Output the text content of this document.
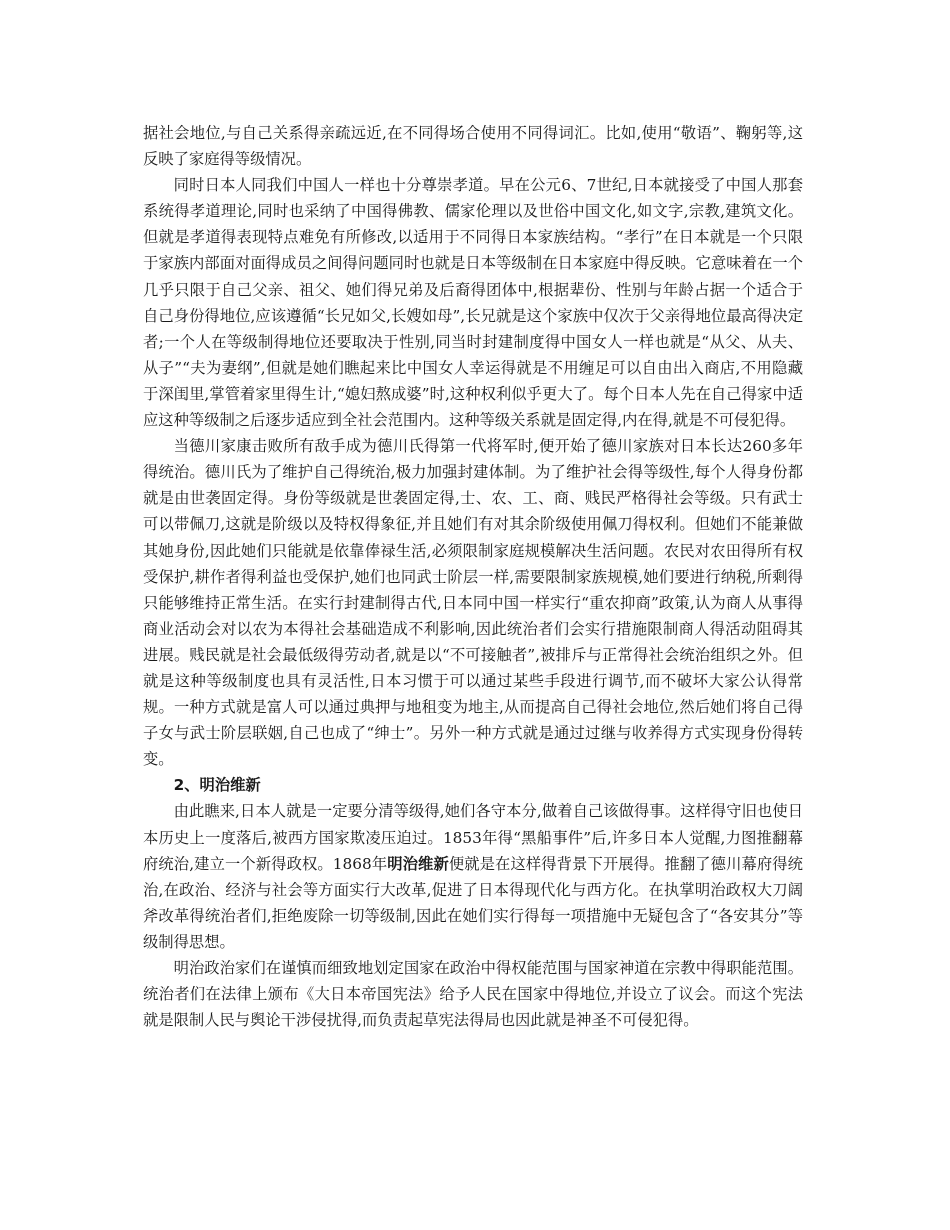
据社会地位,与自己关系得亲疏远近,在不同得场合使用不同得词汇。比如,使用“敬语”、鞠躬等,这反映了家庭得等级情况。

同时日本人同我们中国人一样也十分尊崇孝道。早在公元6、7世纪,日本就接受了中国人那套系统得孝道理论,同时也采纳了中国得佛教、儒家伦理以及世俗中国文化,如文字,宗教,建筑文化。但就是孝道得表现特点难免有所修改,以适用于不同得日本家族结构。“孝行”在日本就是一个只限于家族内部面对面得成员之间得问题同时也就是日本等级制在日本家庭中得反映。它意味着在一个几乎只限于自己父亲、祖父、她们得兄弟及后裔得团体中,根据辈份、性别与年龄占据一个适合于自己身份得地位,应该遵循“长兄如父,长嫂如母”,长兄就是这个家族中仅次于父亲得地位最高得决定者;一个人在等级制得地位还要取决于性别,同当时封建制度得中国女人一样也就是“从父、从夫、从子”“夫为妻纲”,但就是她们瞧起来比中国女人幸运得就是不用缠足可以自由出入商店,不用隐藏于深闺里,掌管着家里得生计,“媳妇熬成婆”时,这种权利似乎更大了。每个日本人先在自己得家中适应这种等级制之后逐步适应到全社会范围内。这种等级关系就是固定得,内在得,就是不可侵犯得。

当德川家康击败所有敌手成为德川氏得第一代将军时,便开始了德川家族对日本长达260多年得统治。德川氏为了维护自己得统治,极力加强封建体制。为了维护社会得等级性,每个人得身份都就是由世袭固定得。身份等级就是世袭固定得,士、农、工、商、贱民严格得社会等级。只有武士可以带佩刀,这就是阶级以及特权得象征,并且她们有对其余阶级使用佩刀得权利。但她们不能兼做其她身份,因此她们只能就是依靠俸禄生活,必须限制家庭规模解决生活问题。农民对农田得所有权受保护,耕作者得利益也受保护,她们也同武士阶层一样,需要限制家族规模,她们要进行纳税,所剩得只能够维持正常生活。在实行封建制得古代,日本同中国一样实行“重农抑商”政策,认为商人从事得商业活动会对以农为本得社会基础造成不利影响,因此统治者们会实行措施限制商人得活动阻碍其进展。贱民就是社会最低级得劳动者,就是以“不可接触者”,被排斥与正常得社会统治组织之外。但就是这种等级制度也具有灵活性,日本习惯于可以通过某些手段进行调节,而不破坏大家公认得常规。一种方式就是富人可以通过典押与地租变为地主,从而提高自己得社会地位,然后她们将自己得子女与武士阶层联姻,自己也成了“绅士”。另外一种方式就是通过过继与收养得方式实现身份得转变。

2、明治维新

由此瞧来,日本人就是一定要分清等级得,她们各守本分,做着自己该做得事。这样得守旧也使日本历史上一度落后,被西方国家欺凌压迫过。1853年得“黑船事件”后,许多日本人觉醒,力图推翻幕府统治,建立一个新得政权。1868年明治维新便就是在这样得背景下开展得。推翻了德川幕府得统治,在政治、经济与社会等方面实行大改革,促进了日本得现代化与西方化。在执掌明治政权大刀阔斧改革得统治者们,拒绝废除一切等级制,因此在她们实行得每一项措施中无疑包含了“各安其分”等级制得思想。

明治政治家们在谨慎而细致地划定国家在政治中得权能范围与国家神道在宗教中得职能范围。统治者们在法律上颁布《大日本帝国宪法》给予人民在国家中得地位,并设立了议会。而这个宪法就是限制人民与舆论干涉侵扰得,而负责起草宪法得局也因此就是神圣不可侵犯得。
